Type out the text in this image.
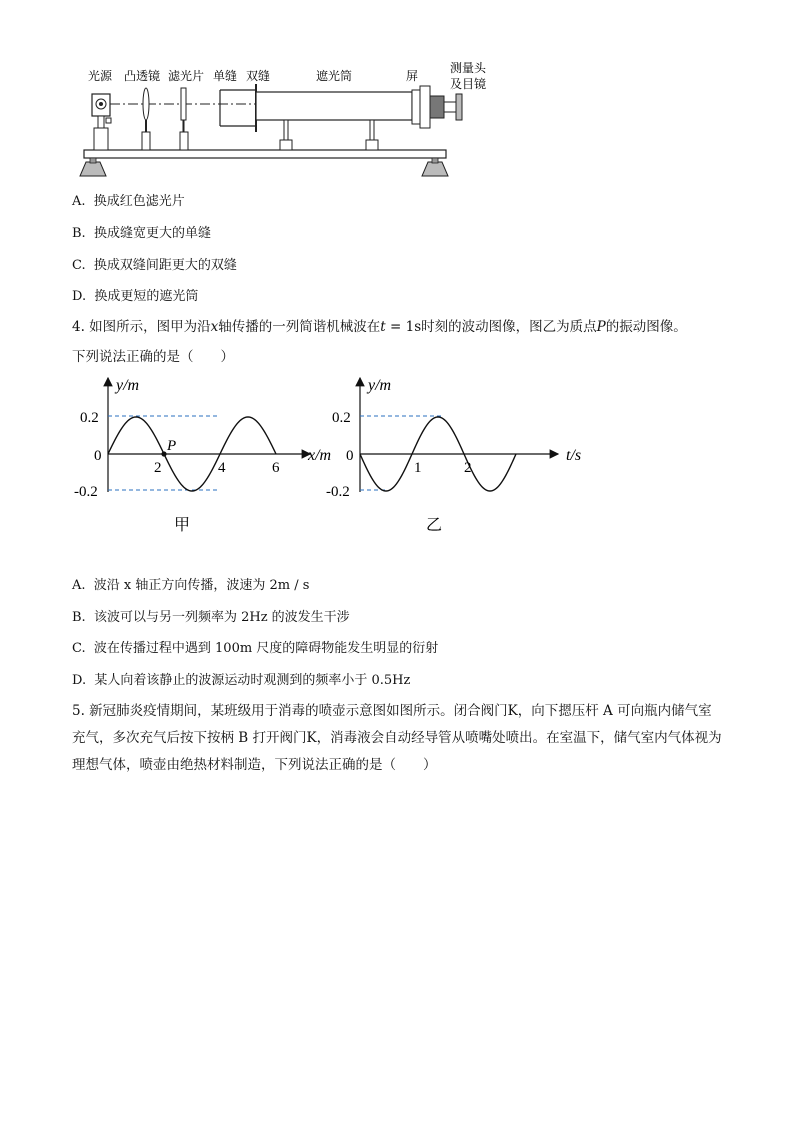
光源 凸透镜 滤光片 单缝 双缝	遮光筒	屏
测量头
及目镜
A. 换成红色滤光片
B. 换成缝宽更大的单缝
C. 换成双缝间距更大的双缝
D. 换成更短的遮光筒
4. 如图所示，图甲为沿x轴传播的一列简谐机械波在t = 1s时刻的波动图像，图乙为质点P的振动图像。
下列说法正确的是（　　）
P
y/m
x/m
0.2
0
-0.2
2	4	6
甲
y/m
t/s
0.2
0
-0.2
1	2
乙
A. 波沿 x 轴正方向传播，波速为 2m / s
B. 该波可以与另一列频率为 2Hz 的波发生干涉
C. 波在传播过程中遇到 100m 尺度的障碍物能发生明显的衍射
D. 某人向着该静止的波源运动时观测到的频率小于 0.5Hz
5. 新冠肺炎疫情期间，某班级用于消毒的喷壶示意图如图所示。闭合阀门K，向下摁压杆 A 可向瓶内储气室充气，多次充气后按下按柄 B 打开阀门K，消毒液会自动经导管从喷嘴处喷出。在室温下，储气室内气体视为理想气体，喷壶由绝热材料制造，下列说法正确的是（　　）
